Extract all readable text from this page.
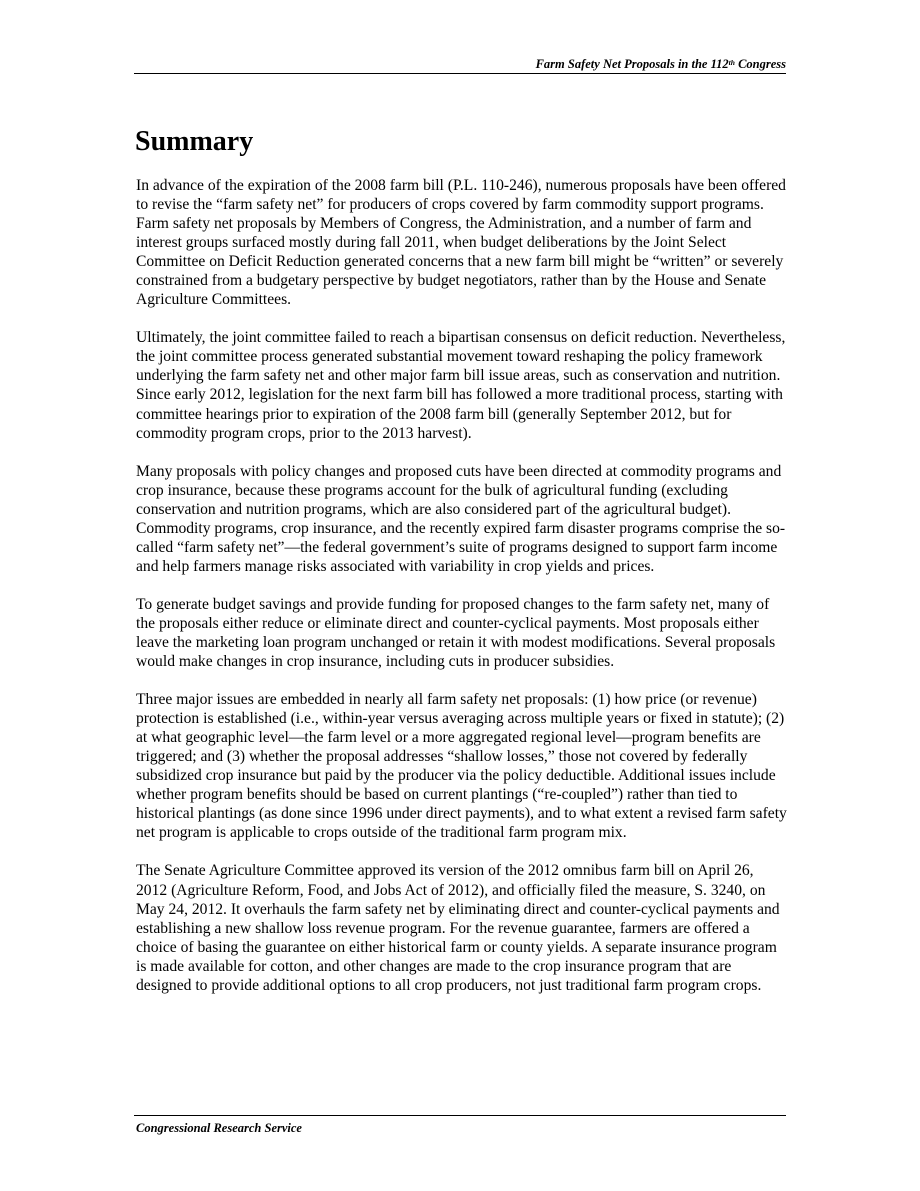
Farm Safety Net Proposals in the 112th Congress
Summary

In advance of the expiration of the 2008 farm bill (P.L. 110-246), numerous proposals have been offered to revise the “farm safety net” for producers of crops covered by farm commodity support programs. Farm safety net proposals by Members of Congress, the Administration, and a number of farm and interest groups surfaced mostly during fall 2011, when budget deliberations by the Joint Select Committee on Deficit Reduction generated concerns that a new farm bill might be “written” or severely constrained from a budgetary perspective by budget negotiators, rather than by the House and Senate Agriculture Committees.

Ultimately, the joint committee failed to reach a bipartisan consensus on deficit reduction. Nevertheless, the joint committee process generated substantial movement toward reshaping the policy framework underlying the farm safety net and other major farm bill issue areas, such as conservation and nutrition. Since early 2012, legislation for the next farm bill has followed a more traditional process, starting with committee hearings prior to expiration of the 2008 farm bill (generally September 2012, but for commodity program crops, prior to the 2013 harvest).

Many proposals with policy changes and proposed cuts have been directed at commodity programs and crop insurance, because these programs account for the bulk of agricultural funding (excluding conservation and nutrition programs, which are also considered part of the agricultural budget). Commodity programs, crop insurance, and the recently expired farm disaster programs comprise the so-called “farm safety net”—the federal government’s suite of programs designed to support farm income and help farmers manage risks associated with variability in crop yields and prices.

To generate budget savings and provide funding for proposed changes to the farm safety net, many of the proposals either reduce or eliminate direct and counter-cyclical payments. Most proposals either leave the marketing loan program unchanged or retain it with modest modifications. Several proposals would make changes in crop insurance, including cuts in producer subsidies.

Three major issues are embedded in nearly all farm safety net proposals: (1) how price (or revenue) protection is established (i.e., within-year versus averaging across multiple years or fixed in statute); (2) at what geographic level—the farm level or a more aggregated regional level—program benefits are triggered; and (3) whether the proposal addresses “shallow losses,” those not covered by federally subsidized crop insurance but paid by the producer via the policy deductible. Additional issues include whether program benefits should be based on current plantings (“re-coupled”) rather than tied to historical plantings (as done since 1996 under direct payments), and to what extent a revised farm safety net program is applicable to crops outside of the traditional farm program mix.

The Senate Agriculture Committee approved its version of the 2012 omnibus farm bill on April 26, 2012 (Agriculture Reform, Food, and Jobs Act of 2012), and officially filed the measure, S. 3240, on May 24, 2012. It overhauls the farm safety net by eliminating direct and counter-cyclical payments and establishing a new shallow loss revenue program. For the revenue guarantee, farmers are offered a choice of basing the guarantee on either historical farm or county yields. A separate insurance program is made available for cotton, and other changes are made to the crop insurance program that are designed to provide additional options to all crop producers, not just traditional farm program crops.

Congressional Research Service
